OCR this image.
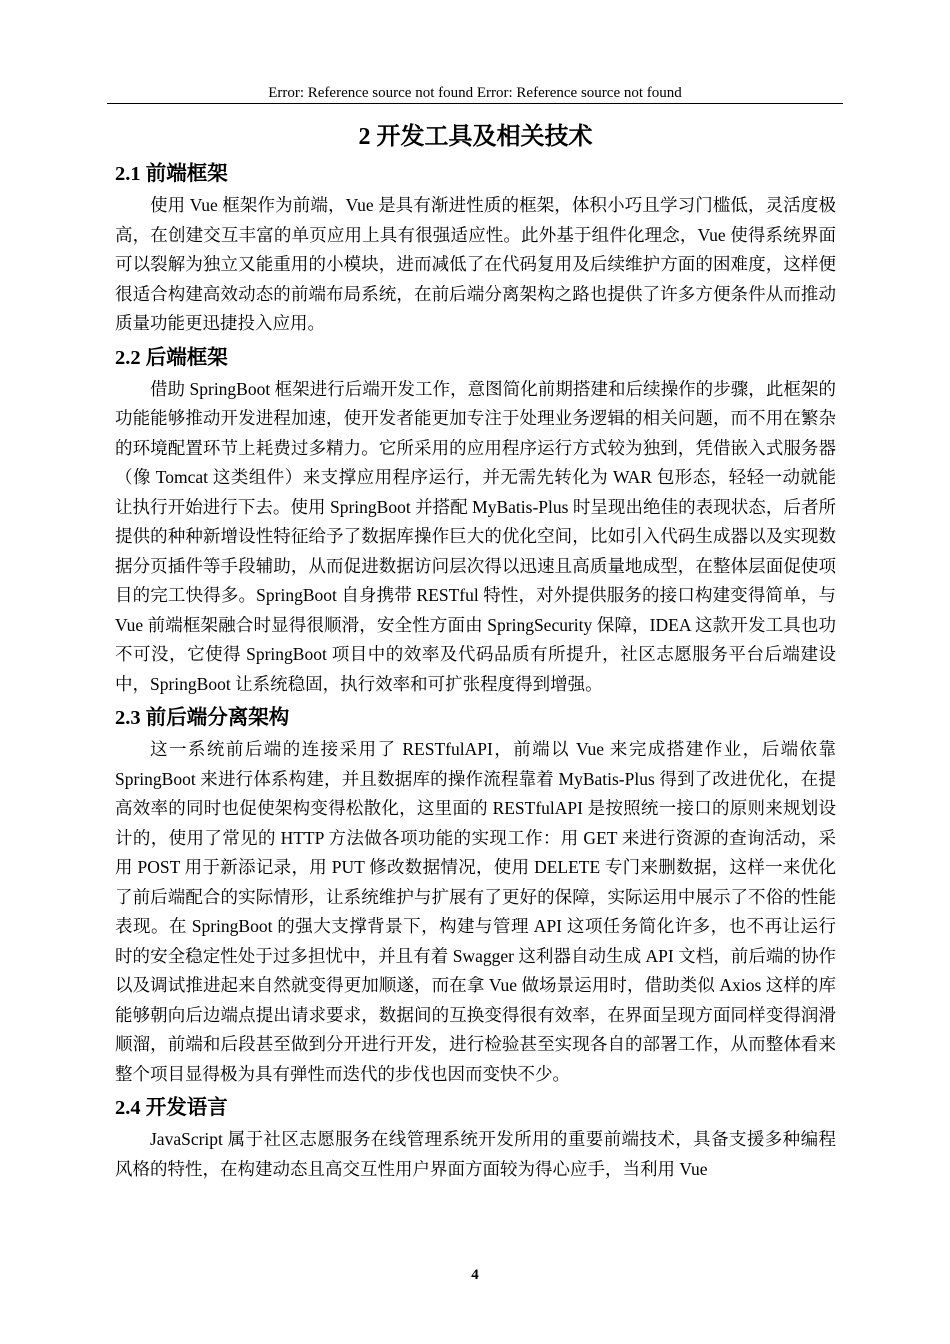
Error: Reference source not found Error: Reference source not found
2 开发工具及相关技术
2.1 前端框架

使用 Vue 框架作为前端，Vue 是具有渐进性质的框架，体积小巧且学习门槛低，灵活度极高，在创建交互丰富的单页应用上具有很强适应性。此外基于组件化理念，Vue 使得系统界面可以裂解为独立又能重用的小模块，进而减低了在代码复用及后续维护方面的困难度，这样便很适合构建高效动态的前端布局系统，在前后端分离架构之路也提供了许多方便条件从而推动质量功能更迅捷投入应用。

2.2 后端框架

借助 SpringBoot 框架进行后端开发工作，意图简化前期搭建和后续操作的步骤，此框架的功能能够推动开发进程加速，使开发者能更加专注于处理业务逻辑的相关问题，而不用在繁杂的环境配置环节上耗费过多精力。它所采用的应用程序运行方式较为独到，凭借嵌入式服务器（像 Tomcat 这类组件）来支撑应用程序运行，并无需先转化为 WAR 包形态，轻轻一动就能让执行开始进行下去。使用 SpringBoot 并搭配 MyBatis-Plus 时呈现出绝佳的表现状态，后者所提供的种种新增设性特征给予了数据库操作巨大的优化空间，比如引入代码生成器以及实现数据分页插件等手段辅助，从而促进数据访问层次得以迅速且高质量地成型，在整体层面促使项目的完工快得多。SpringBoot 自身携带 RESTful 特性，对外提供服务的接口构建变得简单，与 Vue 前端框架融合时显得很顺滑，安全性方面由 SpringSecurity 保障，IDEA 这款开发工具也功不可没，它使得 SpringBoot 项目中的效率及代码品质有所提升，社区志愿服务平台后端建设中，SpringBoot 让系统稳固，执行效率和可扩张程度得到增强。

2.3 前后端分离架构

这一系统前后端的连接采用了 RESTfulAPI，前端以 Vue 来完成搭建作业，后端依靠 SpringBoot 来进行体系构建，并且数据库的操作流程靠着 MyBatis-Plus 得到了改进优化，在提高效率的同时也促使架构变得松散化，这里面的 RESTfulAPI 是按照统一接口的原则来规划设计的，使用了常见的 HTTP 方法做各项功能的实现工作：用 GET 来进行资源的查询活动，采用 POST 用于新添记录，用 PUT 修改数据情况，使用 DELETE 专门来删数据，这样一来优化了前后端配合的实际情形，让系统维护与扩展有了更好的保障，实际运用中展示了不俗的性能表现。在 SpringBoot 的强大支撑背景下，构建与管理 API 这项任务简化许多，也不再让运行时的安全稳定性处于过多担忧中，并且有着 Swagger 这利器自动生成 API 文档，前后端的协作以及调试推进起来自然就变得更加顺遂，而在拿 Vue 做场景运用时，借助类似 Axios 这样的库能够朝向后边端点提出请求要求，数据间的互换变得很有效率，在界面呈现方面同样变得润滑顺溜，前端和后段甚至做到分开进行开发，进行检验甚至实现各自的部署工作，从而整体看来整个项目显得极为具有弹性而迭代的步伐也因而变快不少。

2.4 开发语言

JavaScript 属于社区志愿服务在线管理系统开发所用的重要前端技术，具备支援多种编程风格的特性，在构建动态且高交互性用户界面方面较为得心应手，当利用 Vue

4
